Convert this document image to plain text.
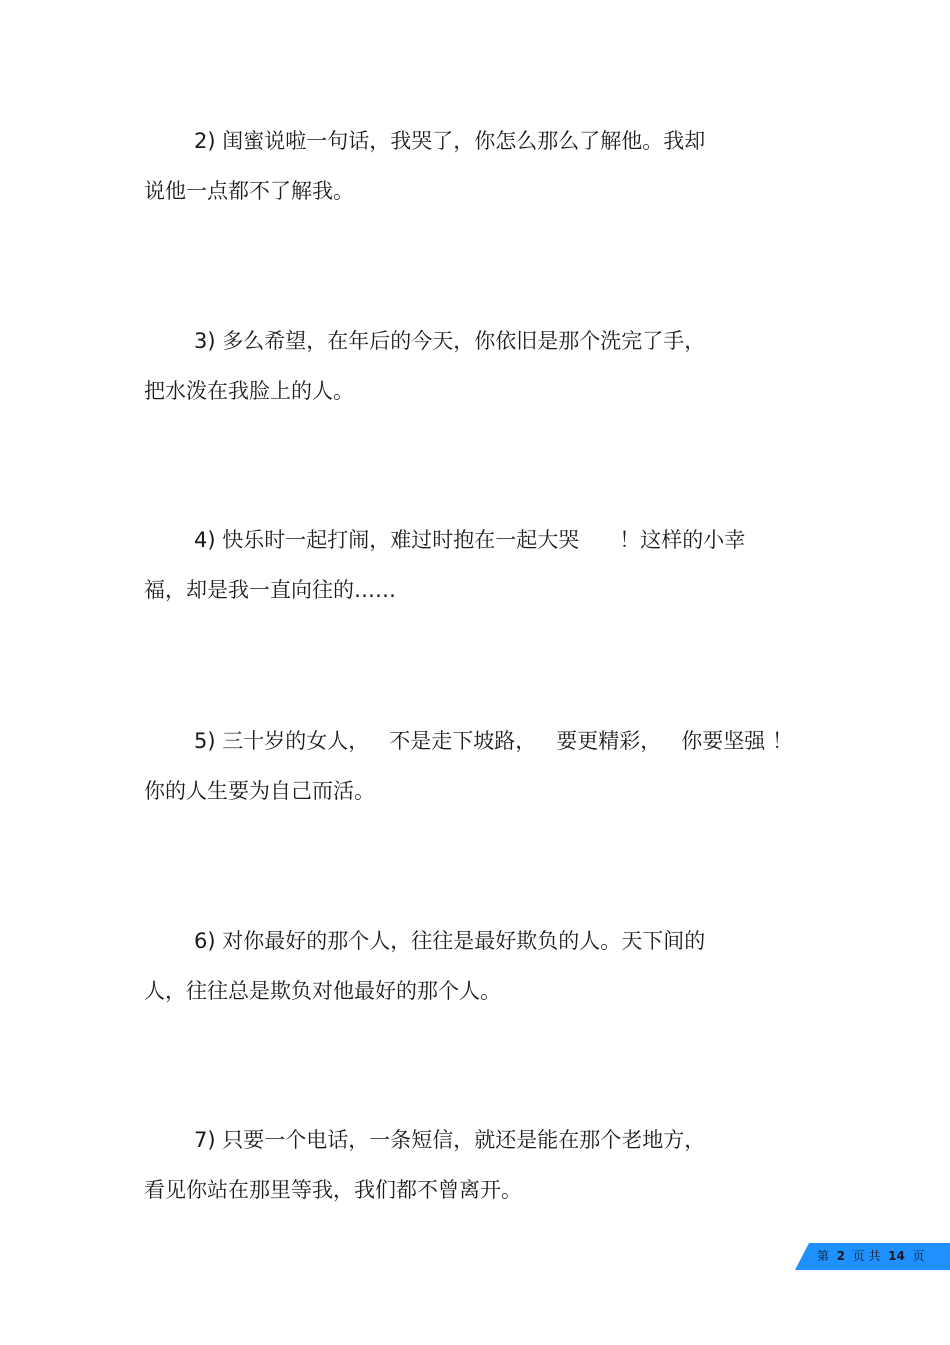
2) 闺蜜说啦一句话，我哭了，你怎么那么了解他。我却
说他一点都不了解我。

3) 多么希望，在年后的今天，你依旧是那个洗完了手，
把水泼在我脸上的人。

4) 快乐时一起打闹，难过时抱在一起大哭      ！这样的小幸
福，却是我一直向往的……

5) 三十岁的女人，   不是走下坡路，   要更精彩，   你要坚强 ！
你的人生要为自己而活。

6) 对你最好的那个人，往往是最好欺负的人。天下间的
人，往往总是欺负对他最好的那个人。

7) 只要一个电话，一条短信，就还是能在那个老地方，
看见你站在那里等我，我们都不曾离开。

第 2 页 共 14 页
